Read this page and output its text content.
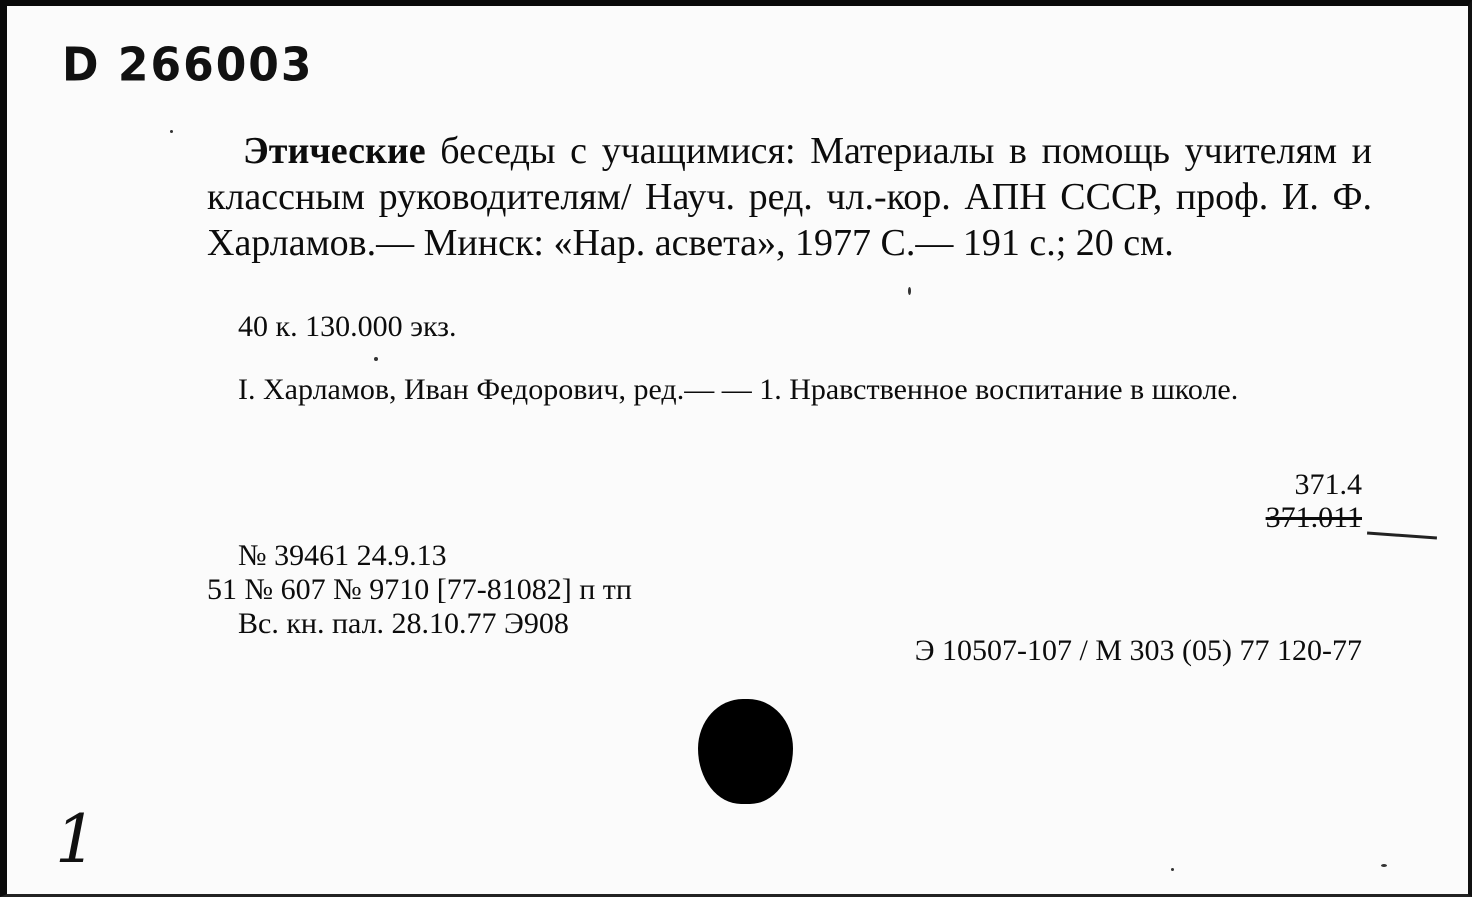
D 266003
Этические беседы с учащимися: Материалы в помощь учителям и классным руководителям/ Науч. ред. чл.-кор. АПН СССР, проф. И. Ф. Харламов.— Минск: «Нар. асвета», 1977 С.— 191 с.; 20 см.
40 к. 130.000 экз.
I. Харламов, Иван Федорович, ред.— — 1. Нравственное воспитание в школе.
371.4
371.011
№ 39461 24.9.13
51 № 607 № 9710 [77-81082] п тп
Вс. кн. пал. 28.10.77 Э908
Э 10507-107 / М 303 (05) 77 120-77
1
